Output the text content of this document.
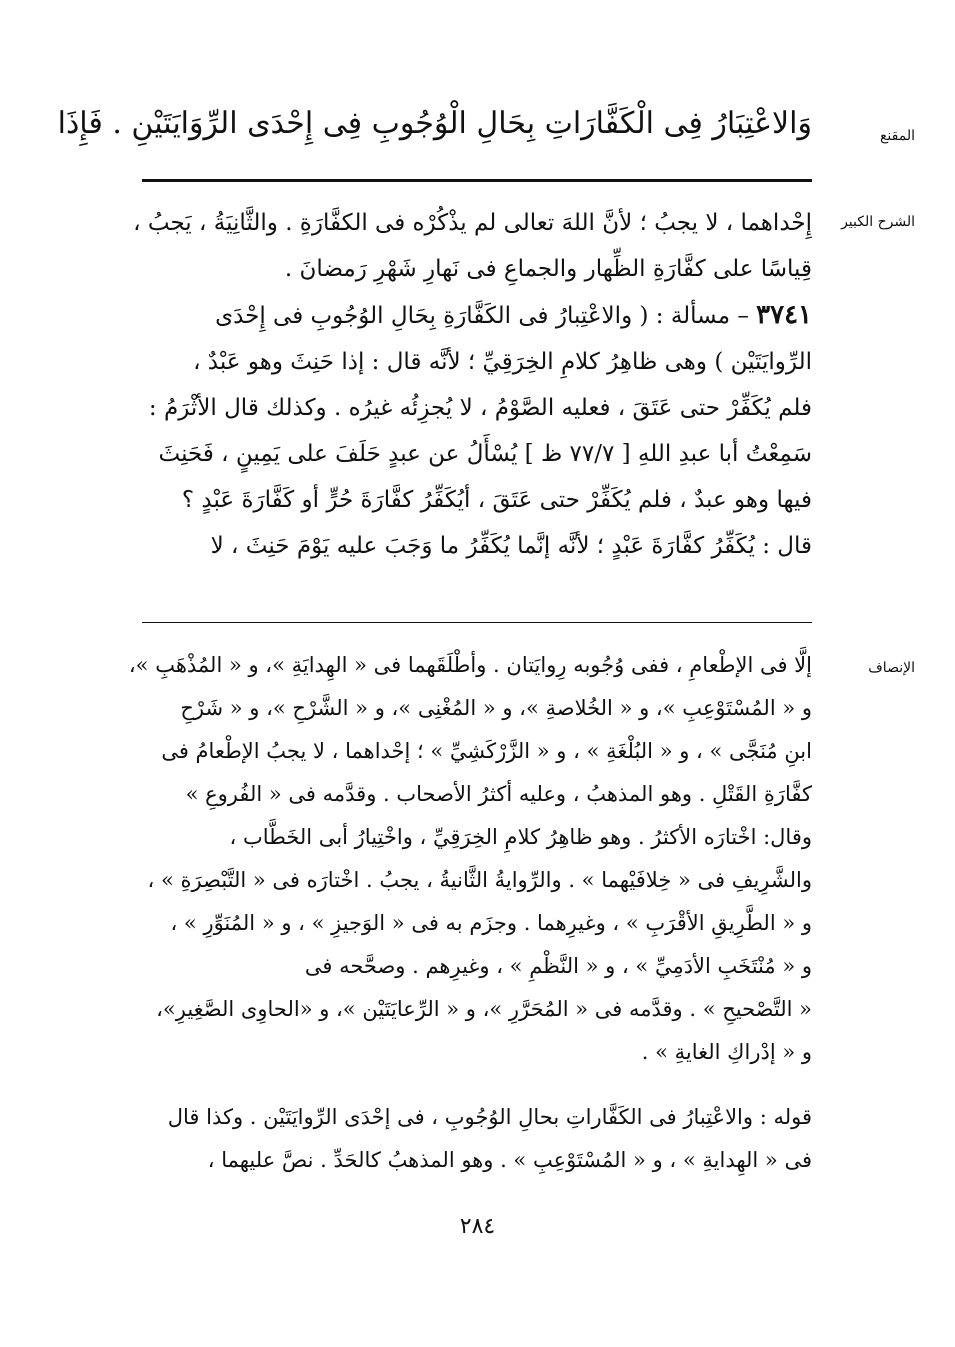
المقنع
وَالاعْتِبَارُ فِى الْكَفَّارَاتِ بِحَالِ الْوُجُوبِ فِى إِحْدَى الرِّوَايَتَيْنِ . فَإِذَا
الشرح الكبير
إِحْداهما ، لا يجبُ ؛ لأنَّ اللهَ تعالى لم يذْكُرْه فى الكفَّارَةِ . والثَّانِيَةُ ، يَجبُ ،
قِياسًا على كفَّارَةِ الظِّهار والجماعِ فى نَهارِ شَهْرِ رَمضانَ .
٣٧٤١ – مسألة : ( والاعْتِبارُ فى الكَفَّارَةِ بِحَالِ الوُجُوبِ فى إِحْدَى
الرِّوايَتَيْن ) وهى ظاهِرُ كلامِ الخِرَقِيِّ ؛ لأنَّه قال : إذا حَنِثَ وهو عَبْدٌ ،
فلم يُكَفِّرْ حتى عَتَقَ ، فعليه الصَّوْمُ ، لا يُجزِئُه غيرُه . وكذلك قال الأثْرَمُ :
سَمِعْتُ أبا عبدِ اللهِ [ ٧٧/٧ ظ ] يُسْأَلُ عن عبدٍ حَلَفَ على يَمِينٍ ، فَحَنِثَ
فيها وهو عبدٌ ، فلم يُكَفِّرْ حتى عَتَقَ ، أيُكَفِّرُ كفَّارَةَ حُرٍّ أو كَفَّارَةَ عَبْدٍ ؟
قال : يُكَفِّرُ كفَّارَةَ عَبْدٍ ؛ لأنَّه إنَّما يُكَفِّرُ ما وَجَبَ عليه يَوْمَ حَنِثَ ، لا
الإنصاف
إلَّا فى الإطْعامِ ، ففى وُجُوبه رِوايَتان . وأطْلَقَهما فى « الهِدايَةِ »، و « المُذْهَبِ »،
و « المُسْتَوْعِبِ »، و « الخُلاصةِ »، و « المُغْنِى »، و « الشَّرْحِ »، و « شَرْحِ
ابنِ مُنَجَّى » ، و « البُلْغَةِ » ، و « الزَّرْكَشِيِّ » ؛ إحْداهما ، لا يجبُ الإطْعامُ فى
كفَّارَةِ القَتْلِ . وهو المذهبُ ، وعليه أكثرُ الأصحاب . وقدَّمه فى « الفُروعِ »
وقال: اخْتارَه الأكثرُ . وهو ظاهِرُ كلامِ الخِرَقِيِّ ، واخْتِيارُ أبى الخَطَّاب ،
والشَّرِيفِ فى « خِلافَيْهما » . والرِّوايةُ الثَّانيةُ ، يجبُ . اخْتارَه فى « التَّبْصِرَةِ » ،
و « الطَّرِيقِ الأقْرَبِ » ، وغيرِهما . وجزَم به فى « الوَجيزِ » ، و « المُنَوِّرِ » ،
و « مُنْتَخَبِ الأدَمِيِّ » ، و « النَّظْمِ » ، وغيرِهم . وصحَّحه فى
« التَّصْحيحِ » . وقدَّمه فى « المُحَرَّرِ »، و « الرِّعايَتَيْن »، و «الحاوِى الصَّغِيرِ»،
و « إدْراكِ الغايةِ » .
قوله : والاعْتِبارُ فى الكَفَّاراتِ بحالِ الوُجُوبِ ، فى إحْدَى الرِّوايَتَيْن . وكذا قال
فى « الهِدايةِ » ، و « المُسْتَوْعِبِ » . وهو المذهبُ كالحَدِّ . نصَّ عليهما ،
٢٨٤
